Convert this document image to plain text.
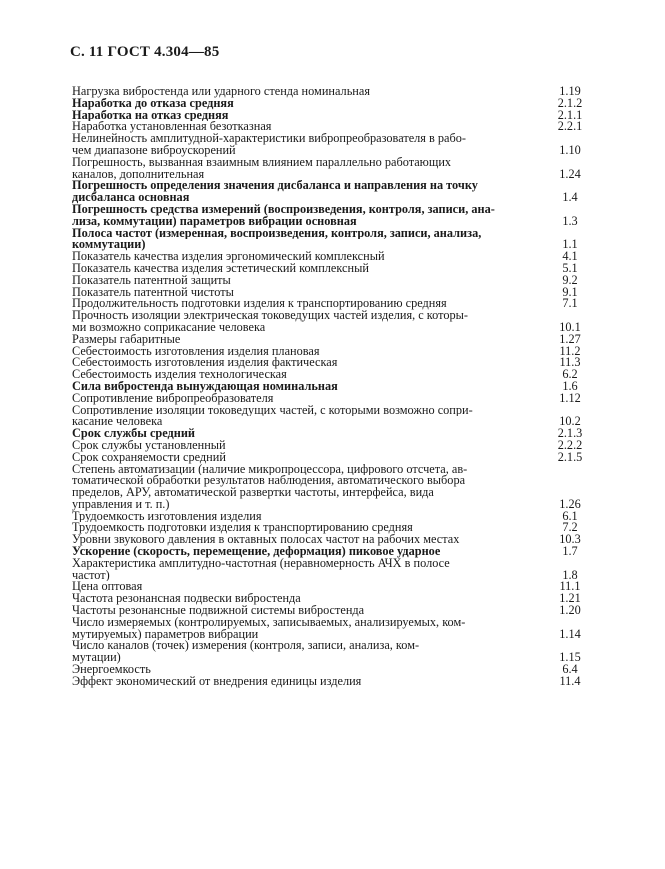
С. 11 ГОСТ 4.304—85
Нагрузка вибростенда или ударного стенда номинальная	1.19
Наработка до отказа средняя	2.1.2
Наработка на отказ средняя	2.1.1
Наработка установленная безотказная	2.2.1
Нелинейность амплитудной-характеристики вибропреобразователя в рабо-
чем диапазоне виброускорений	1.10
Погрешность, вызванная взаимным влиянием параллельно работающих
каналов, дополнительная	1.24
Погрешность определения значения дисбаланса и направления на точку
дисбаланса основная	1.4
Погрешность средства измерений (воспроизведения, контроля, записи, ана-
лиза, коммутации) параметров вибрации основная	1.3
Полоса частот (измеренная, воспроизведения, контроля, записи, анализа,
коммутации)	1.1
Показатель качества изделия эргономический комплексный	4.1
Показатель качества изделия эстетический комплексный	5.1
Показатель патентной защиты	9.2
Показатель патентной чистоты	9.1
Продолжительность подготовки изделия к транспортированию средняя	7.1
Прочность изоляции электрическая токоведущих частей изделия, с которы-
ми возможно соприкасание человека	10.1
Размеры габаритные	1.27
Себестоимость изготовления изделия плановая	11.2
Себестоимость изготовления изделия фактическая	11.3
Себестоимость изделия технологическая	6.2
Сила вибростенда вынуждающая номинальная	1.6
Сопротивление вибропреобразователя	1.12
Сопротивление изоляции токоведущих частей, с которыми возможно сопри-
касание человека	10.2
Срок службы средний	2.1.3
Срок службы установленный	2.2.2
Срок сохраняемости средний	2.1.5
Степень автоматизации (наличие микропроцессора, цифрового отсчета, ав-
томатической обработки результатов наблюдения, автоматического выбора
пределов, АРУ, автоматической развертки частоты, интерфейса, вида
управления и т. п.)	1.26
Трудоемкость изготовления изделия	6.1
Трудоемкость подготовки изделия к транспортированию средняя	7.2
Уровни звукового давления в октавных полосах частот на рабочих местах	10.3
Ускорение (скорость, перемещение, деформация) пиковое ударное	1.7
Характеристика амплитудно-частотная (неравномерность АЧХ в полосе
частот)	1.8
Цена оптовая	11.1
Частота резонансная подвески вибростенда	1.21
Частоты резонансные подвижной системы вибростенда	1.20
Число измеряемых (контролируемых, записываемых, анализируемых, ком-
мутируемых) параметров вибрации	1.14
Число каналов (точек) измерения (контроля, записи, анализа, ком-
мутации)	1.15
Энергоемкость	6.4
Эффект экономический от внедрения единицы изделия	11.4
